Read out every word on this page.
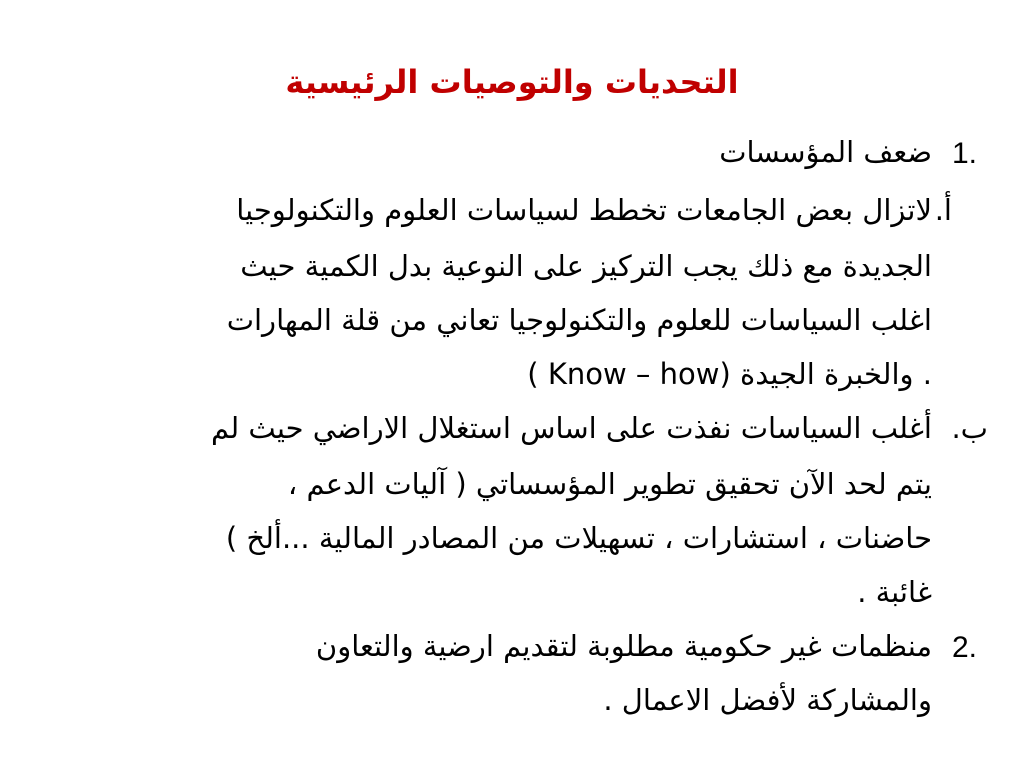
التحديات والتوصيات الرئيسية
1.
ضعف المؤسسات
أ.
لاتزال بعض الجامعات تخطط لسياسات العلوم والتكنولوجيا
الجديدة مع ذلك يجب التركيز على النوعية بدل الكمية حيث
اغلب السياسات للعلوم والتكنولوجيا تعاني من قلة المهارات
( Know – how) والخبرة الجيدة .
ب.
أغلب السياسات نفذت على اساس استغلال الاراضي حيث لم
يتم لحد الآن تحقيق تطوير المؤسساتي ( آليات الدعم ،
حاضنات ، استشارات ، تسهيلات من المصادر المالية ...ألخ )
غائبة .
2.
منظمات غير حكومية مطلوبة لتقديم ارضية والتعاون
والمشاركة لأفضل الاعمال .
